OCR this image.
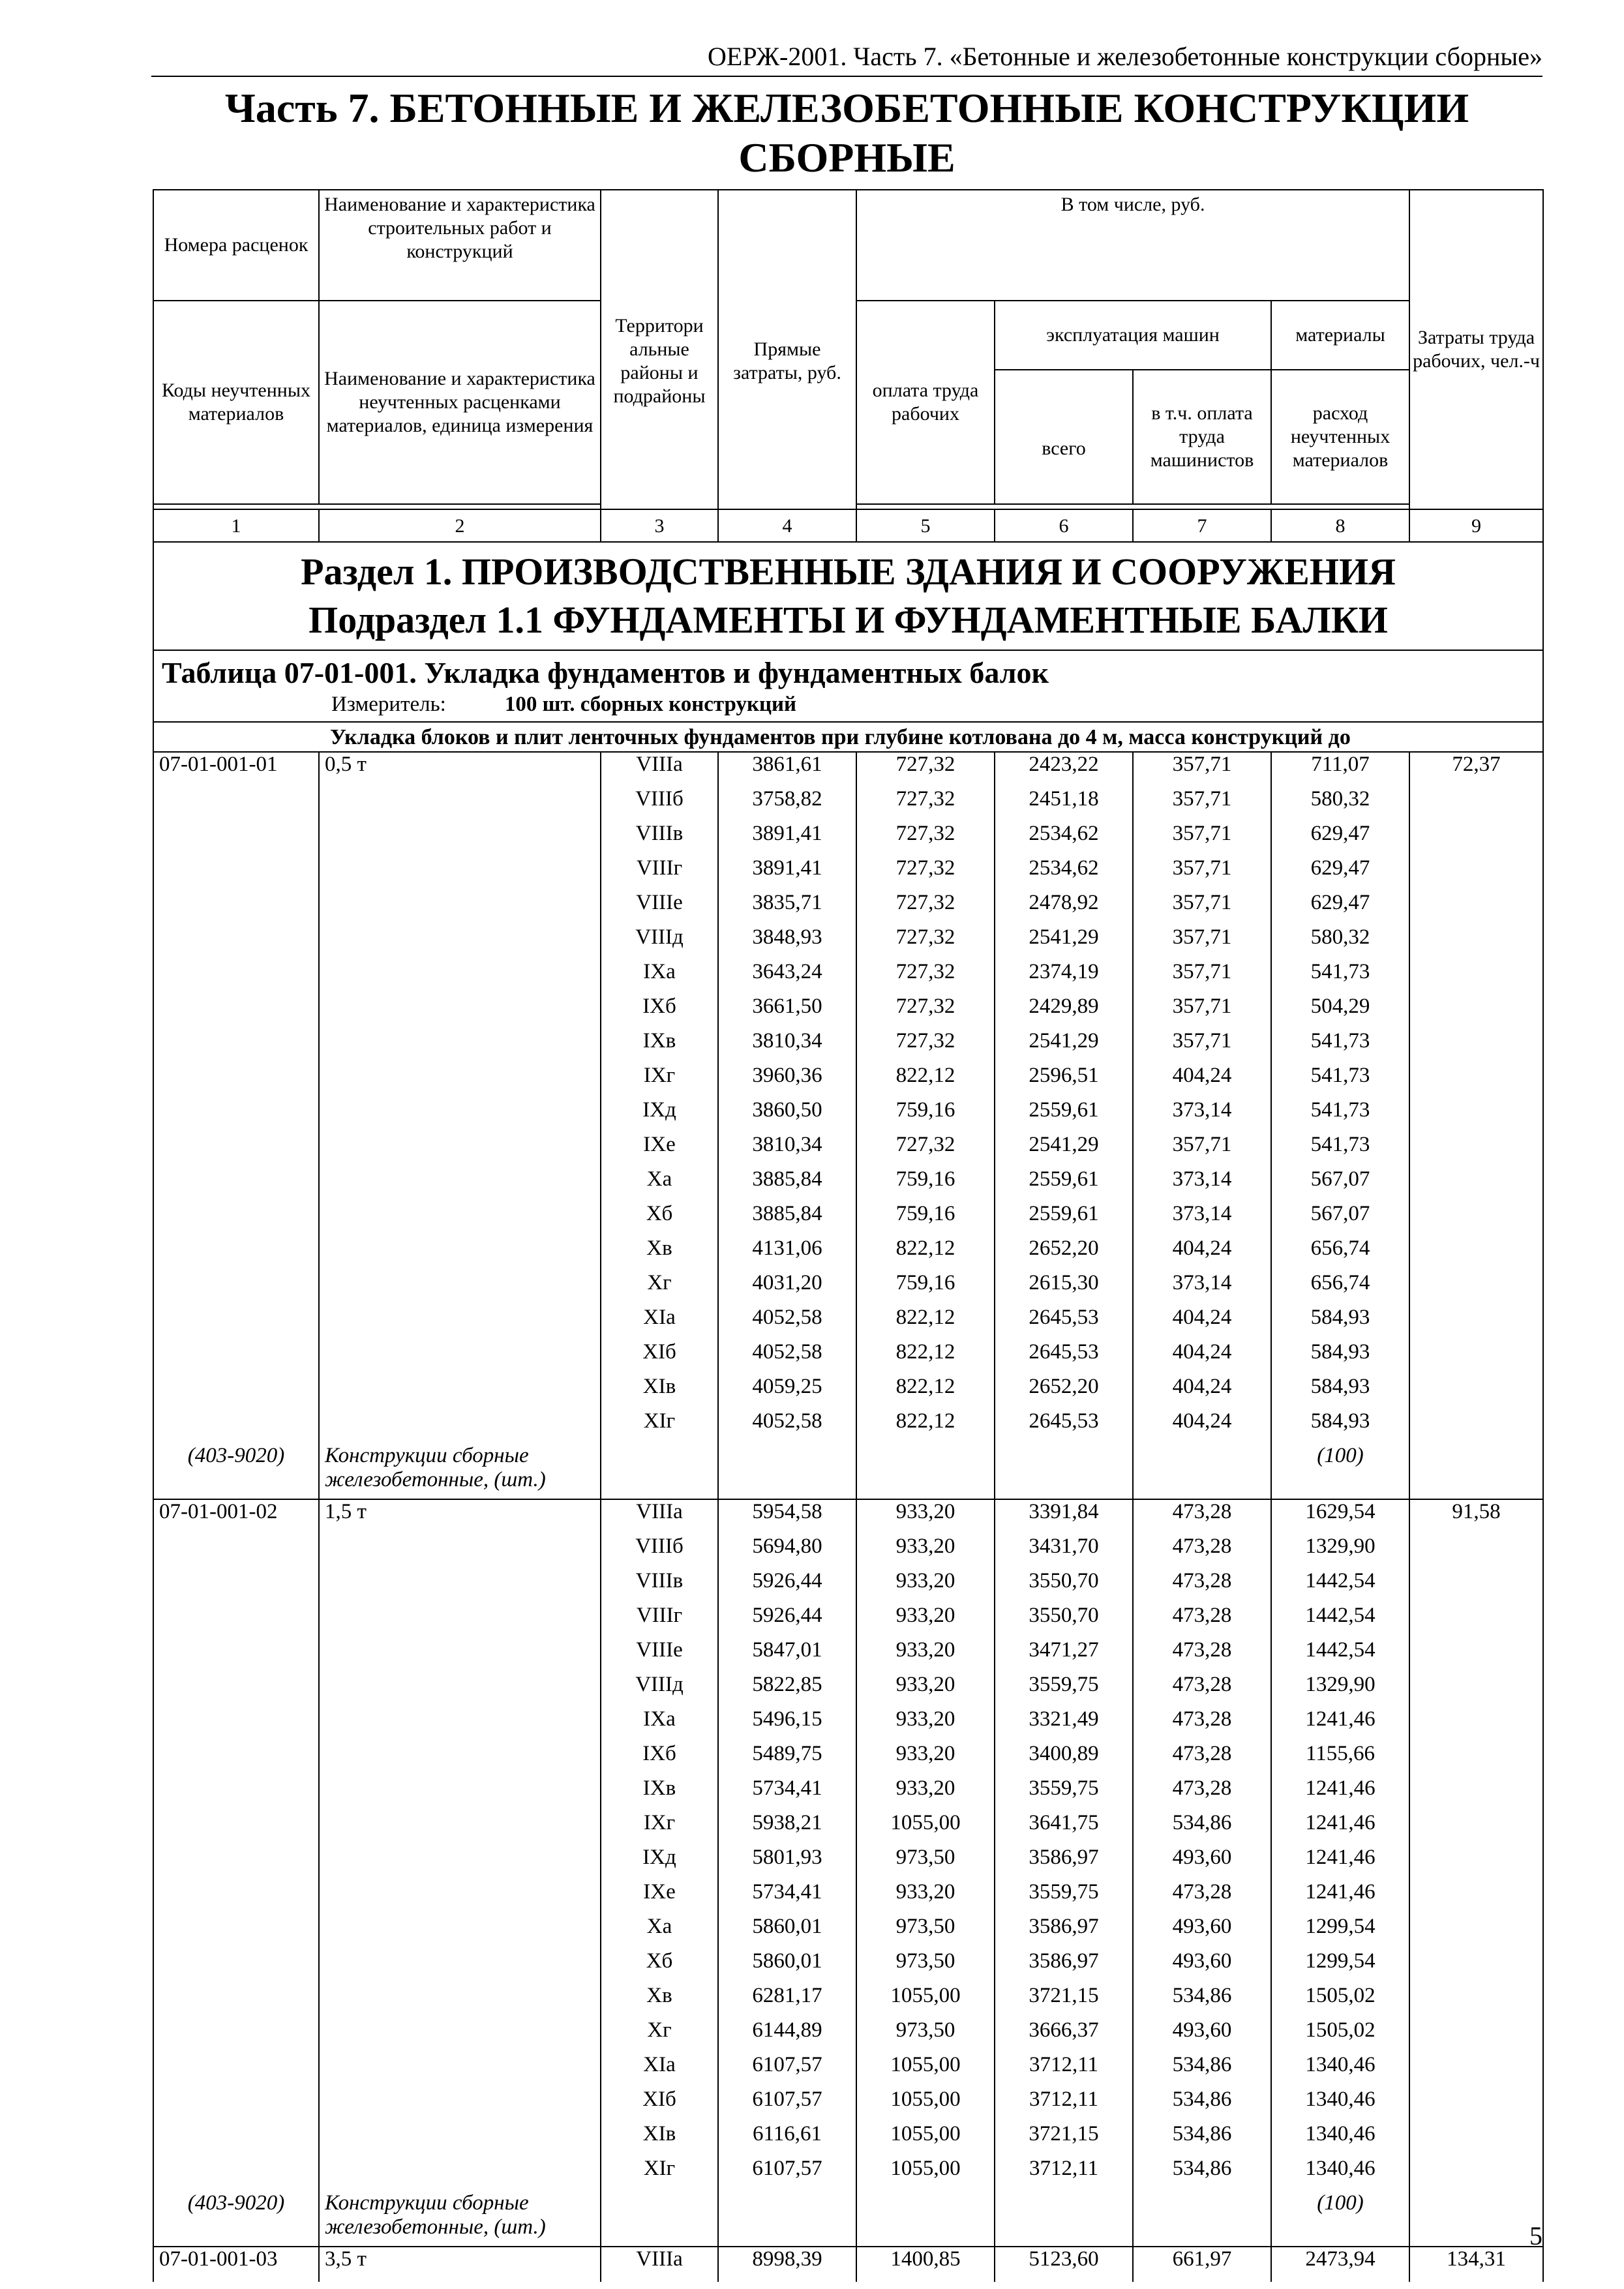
ОЕРЖ-2001. Часть 7. «Бетонные и железобетонные конструкции сборные»
Часть 7. БЕТОННЫЕ И ЖЕЛЕЗОБЕТОННЫЕ КОНСТРУКЦИИ
СБОРНЫЕ
Номера расценок	Наименование и характеристика строительных работ и конструкций	Территори альные районы и подрайоны	Прямые затраты, руб.	В том числе, руб.				Затраты труда рабочих, чел.-ч
Коды неучтенных материалов	Наименование и характеристика неучтенных расценками материалов, единица измерения			оплата труда рабочих	эксплуатация машин		материалы	
					всего	в т.ч. оплата труда машинистов	расход неучтенных материалов	

1	2	3	4	5	6	7	8	9

Раздел 1. ПРОИЗВОДСТВЕННЫЕ ЗДАНИЯ И СООРУЖЕНИЯ
Подраздел 1.1 ФУНДАМЕНТЫ И ФУНДАМЕНТНЫЕ БАЛКИ								

Таблица 07-01-001. Укладка фундаментов и фундаментных балок
Измеритель: 100 шт. сборных конструкций								

Укладка блоков и плит ленточных фундаментов при глубине котлована до 4 м, масса конструкций до								
07-01-001-01	0,5 т	VIIIа	3861,61	727,32	2423,22	357,71	711,07	72,37
		VIIIб	3758,82	727,32	2451,18	357,71	580,32	
		VIIIв	3891,41	727,32	2534,62	357,71	629,47	
		VIIIг	3891,41	727,32	2534,62	357,71	629,47	
		VIIIе	3835,71	727,32	2478,92	357,71	629,47	
		VIIIд	3848,93	727,32	2541,29	357,71	580,32	
		IXа	3643,24	727,32	2374,19	357,71	541,73	
		IXб	3661,50	727,32	2429,89	357,71	504,29	
		IXв	3810,34	727,32	2541,29	357,71	541,73	
		IXг	3960,36	822,12	2596,51	404,24	541,73	
		IXд	3860,50	759,16	2559,61	373,14	541,73	
		IXе	3810,34	727,32	2541,29	357,71	541,73	
		Xа	3885,84	759,16	2559,61	373,14	567,07	
		Xб	3885,84	759,16	2559,61	373,14	567,07	
		Xв	4131,06	822,12	2652,20	404,24	656,74	
		Xг	4031,20	759,16	2615,30	373,14	656,74	
		XIа	4052,58	822,12	2645,53	404,24	584,93	
		XIб	4052,58	822,12	2645,53	404,24	584,93	
		XIв	4059,25	822,12	2652,20	404,24	584,93	
		XIг	4052,58	822,12	2645,53	404,24	584,93	
(403-9020)	Конструкции сборные железобетонные, (шт.)						(100)	
07-01-001-02	1,5 т	VIIIа	5954,58	933,20	3391,84	473,28	1629,54	91,58
		VIIIб	5694,80	933,20	3431,70	473,28	1329,90	
		VIIIв	5926,44	933,20	3550,70	473,28	1442,54	
		VIIIг	5926,44	933,20	3550,70	473,28	1442,54	
		VIIIе	5847,01	933,20	3471,27	473,28	1442,54	
		VIIIд	5822,85	933,20	3559,75	473,28	1329,90	
		IXа	5496,15	933,20	3321,49	473,28	1241,46	
		IXб	5489,75	933,20	3400,89	473,28	1155,66	
		IXв	5734,41	933,20	3559,75	473,28	1241,46	
		IXг	5938,21	1055,00	3641,75	534,86	1241,46	
		IXд	5801,93	973,50	3586,97	493,60	1241,46	
		IXе	5734,41	933,20	3559,75	473,28	1241,46	
		Xа	5860,01	973,50	3586,97	493,60	1299,54	
		Xб	5860,01	973,50	3586,97	493,60	1299,54	
		Xв	6281,17	1055,00	3721,15	534,86	1505,02	
		Xг	6144,89	973,50	3666,37	493,60	1505,02	
		XIа	6107,57	1055,00	3712,11	534,86	1340,46	
		XIб	6107,57	1055,00	3712,11	534,86	1340,46	
		XIв	6116,61	1055,00	3721,15	534,86	1340,46	
		XIг	6107,57	1055,00	3712,11	534,86	1340,46	
(403-9020)	Конструкции сборные железобетонные, (шт.)						(100)	
07-01-001-03	3,5 т	VIIIа	8998,39	1400,85	5123,60	661,97	2473,94	134,31
5
